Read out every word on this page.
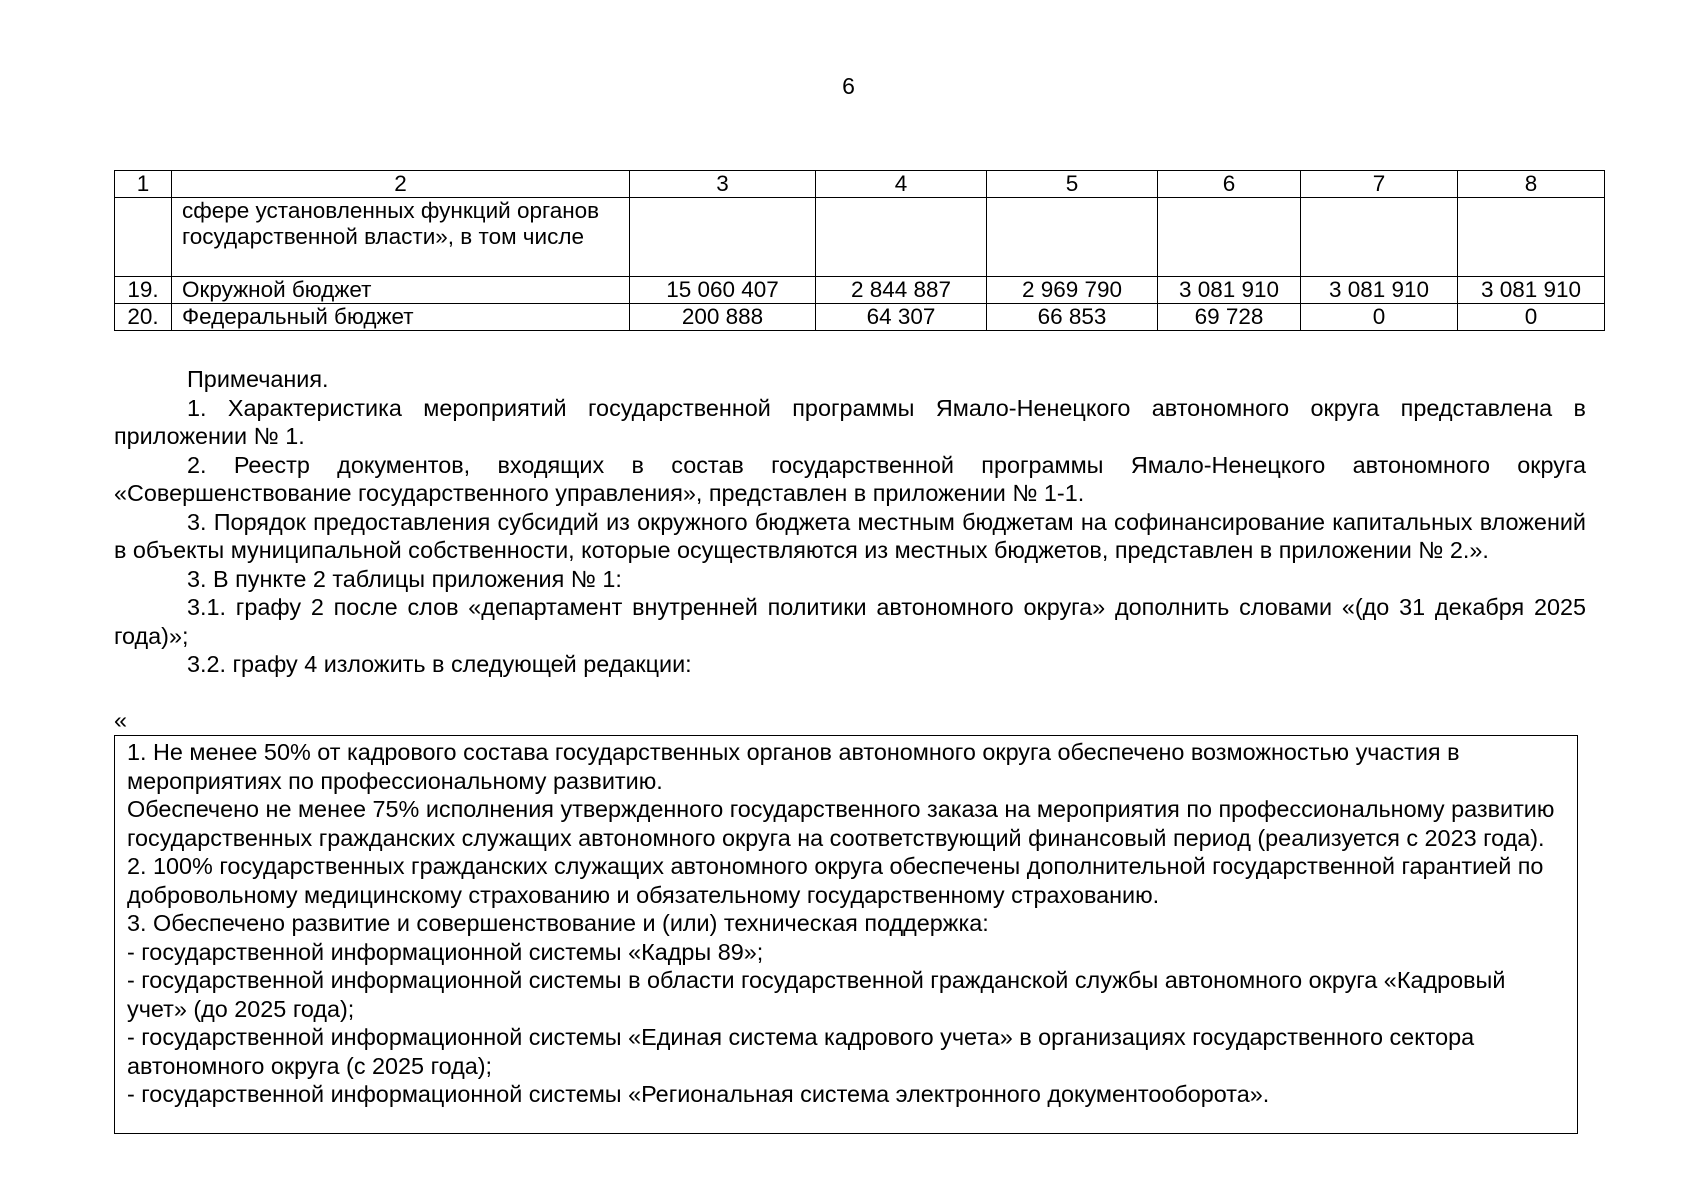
6
1	2	3	4	5	6	7	8
	сфере установленных функций органов государственной власти», в том числе						
19.	Окружной бюджет	15 060 407	2 844 887	2 969 790	3 081 910	3 081 910	3 081 910
20.	Федеральный бюджет	200 888	64 307	66 853	69 728	0	0

Примечания.

1. Характеристика мероприятий государственной программы Ямало-Ненецкого автономного округа представлена в приложении № 1.

2. Реестр документов, входящих в состав государственной программы Ямало-Ненецкого автономного округа «Совершенствование государственного управления», представлен в приложении № 1-1.

3. Порядок предоставления субсидий из окружного бюджета местным бюджетам на софинансирование капитальных вложений в объекты муниципальной собственности, которые осуществляются из местных бюджетов, представлен в приложении № 2.».

3. В пункте 2 таблицы приложения № 1:

3.1. графу 2 после слов «департамент внутренней политики автономного округа» дополнить словами «(до 31 декабря 2025 года)»;

3.2. графу 4 изложить в следующей редакции:

«
1. Не менее 50% от кадрового состава государственных органов автономного округа обеспечено возможностью участия в мероприятиях по профессиональному развитию.
Обеспечено не менее 75% исполнения утвержденного государственного заказа на мероприятия по профессиональному развитию государственных гражданских служащих автономного округа на соответствующий финансовый период (реализуется с 2023 года).
2. 100% государственных гражданских служащих автономного округа обеспечены дополнительной государственной гарантией по добровольному медицинскому страхованию и обязательному государственному страхованию.
3. Обеспечено развитие и совершенствование и (или) техническая поддержка:
- государственной информационной системы «Кадры 89»;
- государственной информационной системы в области государственной гражданской службы автономного округа «Кадровый учет» (до 2025 года);
- государственной информационной системы «Единая система кадрового учета» в организациях государственного сектора автономного округа (с 2025 года);
- государственной информационной системы «Региональная система электронного документооборота».
